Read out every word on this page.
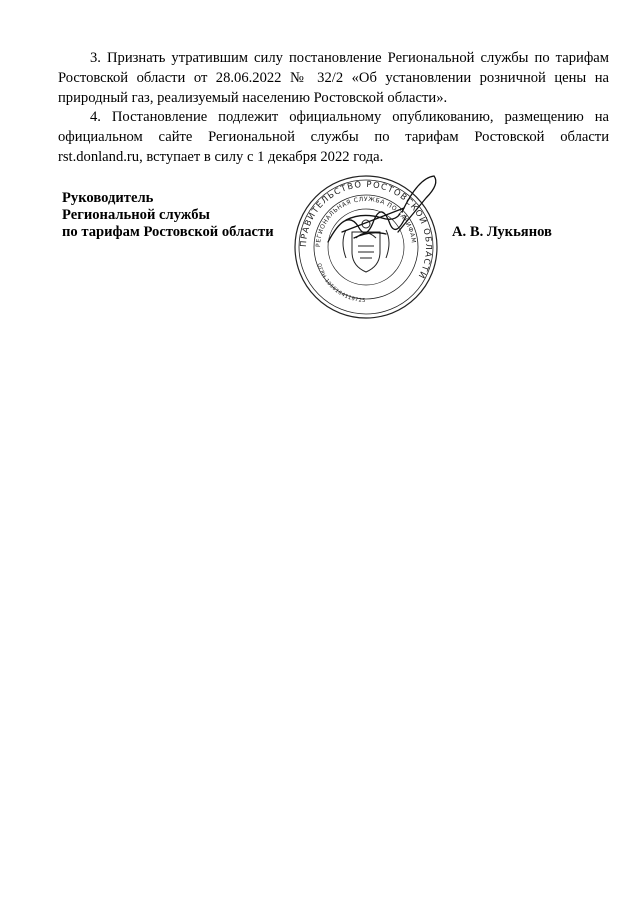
3. Признать утратившим силу постановление Региональной службы по тарифам Ростовской области от 28.06.2022 № 32/2 «Об установлении розничной цены на природный газ, реализуемый населению Ростовской области».

4. Постановление подлежит официальному опубликованию, размещению на официальном сайте Региональной службы по тарифам Ростовской области rst.donland.ru, вступает в силу с 1 декабря 2022 года.

Руководитель
Региональной службы
по тарифам Ростовской области
ПРАВИТЕЛЬСТВО РОСТОВСКОЙ ОБЛАСТИ
РЕГИОНАЛЬНАЯ СЛУЖБА ПО ТАРИФАМ
ОГРН 1056164119725
А. В. Лукьянов
